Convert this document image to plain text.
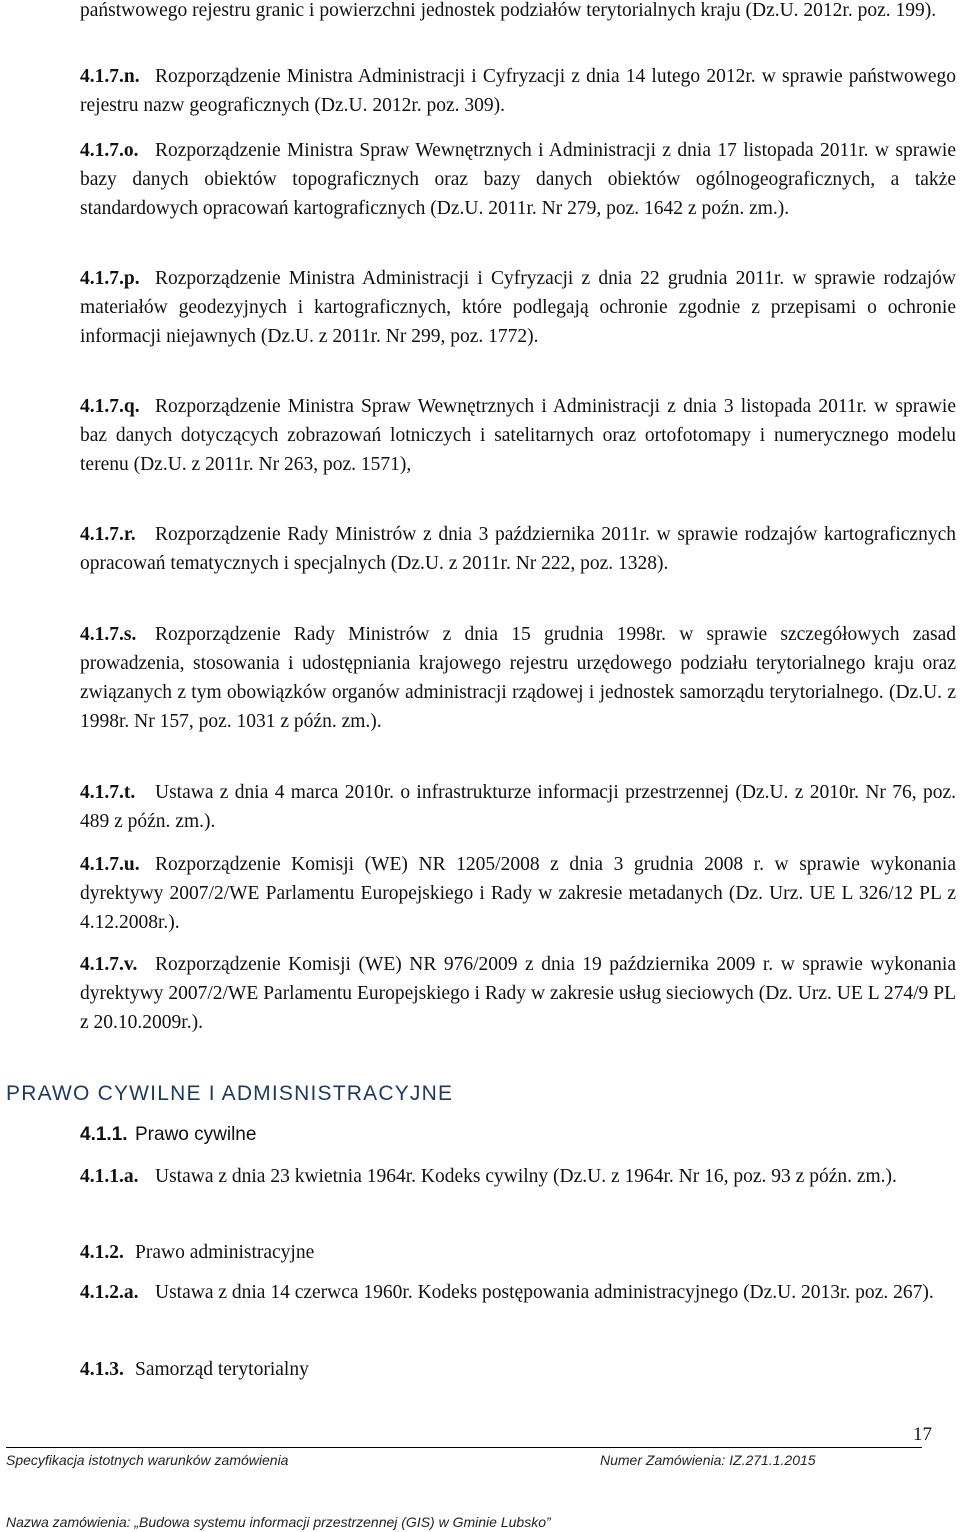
państwowego rejestru granic i powierzchni jednostek podziałów terytorialnych kraju (Dz.U. 2012r. poz. 199).
4.1.7.n. Rozporządzenie Ministra Administracji i Cyfryzacji z dnia 14 lutego 2012r. w sprawie państwowego rejestru nazw geograficznych (Dz.U. 2012r. poz. 309).
4.1.7.o. Rozporządzenie Ministra Spraw Wewnętrznych i Administracji z dnia 17 listopada 2011r. w sprawie bazy danych obiektów topograficznych oraz bazy danych obiektów ogólnogeograficznych, a także standardowych opracowań kartograficznych (Dz.U. 2011r. Nr 279, poz. 1642 z poźn. zm.).
4.1.7.p. Rozporządzenie Ministra Administracji i Cyfryzacji z dnia 22 grudnia 2011r. w sprawie rodzajów materiałów geodezyjnych i kartograficznych, które podlegają ochronie zgodnie z przepisami o ochronie informacji niejawnych (Dz.U. z 2011r. Nr 299, poz. 1772).
4.1.7.q. Rozporządzenie Ministra Spraw Wewnętrznych i Administracji z dnia 3 listopada 2011r. w sprawie baz danych dotyczących zobrazowań lotniczych i satelitarnych oraz ortofotomapy i numerycznego modelu terenu (Dz.U. z 2011r. Nr 263, poz. 1571),
4.1.7.r. Rozporządzenie Rady Ministrów z dnia 3 października 2011r. w sprawie rodzajów kartograficznych opracowań tematycznych i specjalnych (Dz.U. z 2011r. Nr 222, poz. 1328).
4.1.7.s. Rozporządzenie Rady Ministrów z dnia 15 grudnia 1998r. w sprawie szczegółowych zasad prowadzenia, stosowania i udostępniania krajowego rejestru urzędowego podziału terytorialnego kraju oraz związanych z tym obowiązków organów administracji rządowej i jednostek samorządu terytorialnego. (Dz.U. z 1998r. Nr 157, poz. 1031 z późn. zm.).
4.1.7.t. Ustawa z dnia 4 marca 2010r. o infrastrukturze informacji przestrzennej (Dz.U. z 2010r. Nr 76, poz. 489 z późn. zm.).
4.1.7.u. Rozporządzenie Komisji (WE) NR 1205/2008 z dnia 3 grudnia 2008 r. w sprawie wykonania dyrektywy 2007/2/WE Parlamentu Europejskiego i Rady w zakresie metadanych (Dz. Urz. UE L 326/12 PL z 4.12.2008r.).
4.1.7.v. Rozporządzenie Komisji (WE) NR 976/2009 z dnia 19 października 2009 r. w sprawie wykonania dyrektywy 2007/2/WE Parlamentu Europejskiego i Rady w zakresie usług sieciowych (Dz. Urz. UE L 274/9 PL z 20.10.2009r.).
PRAWO CYWILNE I ADMISNISTRACYJNE
4.1.1. Prawo cywilne
4.1.1.a. Ustawa z dnia 23 kwietnia 1964r. Kodeks cywilny (Dz.U. z 1964r. Nr 16, poz. 93 z późn. zm.).
4.1.2. Prawo administracyjne
4.1.2.a. Ustawa z dnia 14 czerwca 1960r. Kodeks postępowania administracyjnego (Dz.U. 2013r. poz. 267).
4.1.3. Samorząd terytorialny
17
Specyfikacja istotnych warunków zamówienia	Numer Zamówienia: IZ.271.1.2015
Nazwa zamówienia: „Budowa systemu informacji przestrzennej (GIS) w Gminie Lubsko”
